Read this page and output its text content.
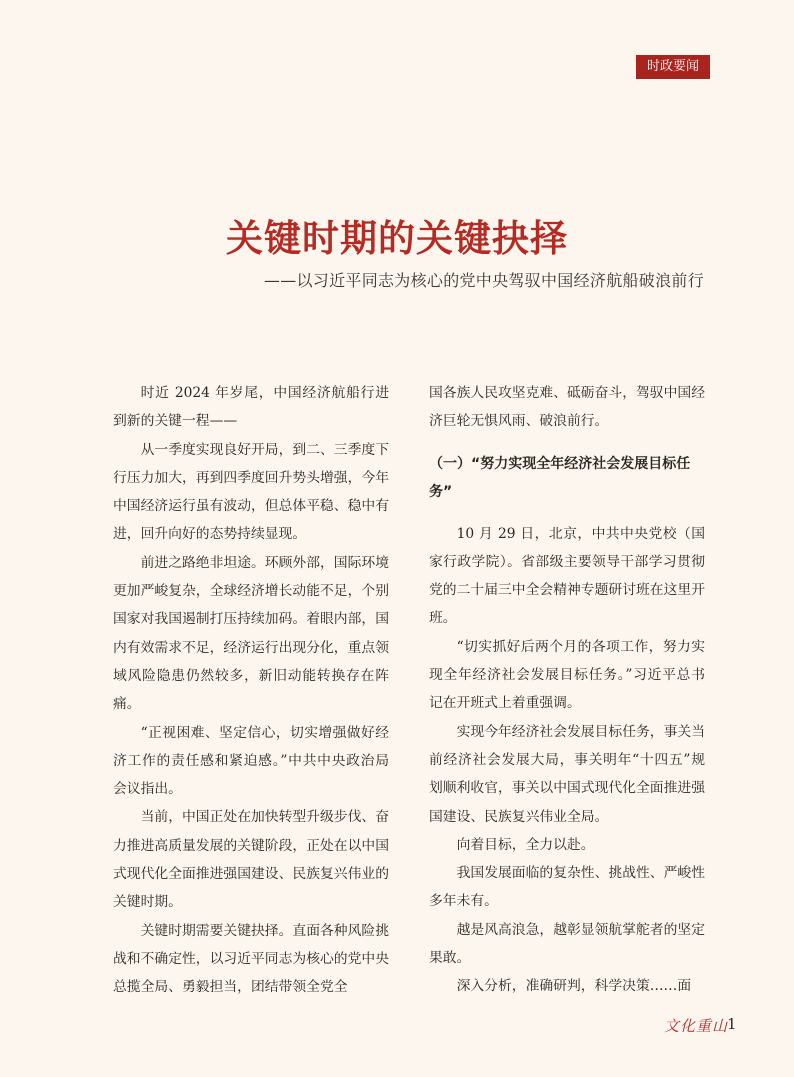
时政要闻
关键时期的关键抉择
——以习近平同志为核心的党中央驾驭中国经济航船破浪前行

时近 2024 年岁尾，中国经济航船行进到新的关键一程——

从一季度实现良好开局，到二、三季度下行压力加大，再到四季度回升势头增强，今年中国经济运行虽有波动，但总体平稳、稳中有进，回升向好的态势持续显现。

前进之路绝非坦途。环顾外部，国际环境更加严峻复杂，全球经济增长动能不足，个别国家对我国遏制打压持续加码。着眼内部，国内有效需求不足，经济运行出现分化，重点领域风险隐患仍然较多，新旧动能转换存在阵痛。

“正视困难、坚定信心，切实增强做好经济工作的责任感和紧迫感。”中共中央政治局会议指出。

当前，中国正处在加快转型升级步伐、奋力推进高质量发展的关键阶段，正处在以中国式现代化全面推进强国建设、民族复兴伟业的关键时期。

关键时期需要关键抉择。直面各种风险挑战和不确定性，以习近平同志为核心的党中央总揽全局、勇毅担当，团结带领全党全

国各族人民攻坚克难、砥砺奋斗，驾驭中国经济巨轮无惧风雨、破浪前行。

（一）“努力实现全年经济社会发展目标任务”

10 月 29 日，北京，中共中央党校（国家行政学院）。省部级主要领导干部学习贯彻党的二十届三中全会精神专题研讨班在这里开班。

“切实抓好后两个月的各项工作，努力实现全年经济社会发展目标任务。”习近平总书记在开班式上着重强调。

实现今年经济社会发展目标任务，事关当前经济社会发展大局，事关明年“十四五”规划顺利收官，事关以中国式现代化全面推进强国建设、民族复兴伟业全局。

向着目标，全力以赴。

我国发展面临的复杂性、挑战性、严峻性多年未有。

越是风高浪急，越彰显领航掌舵者的坚定果敢。

深入分析，准确研判，科学决策……面

文化重山
1
